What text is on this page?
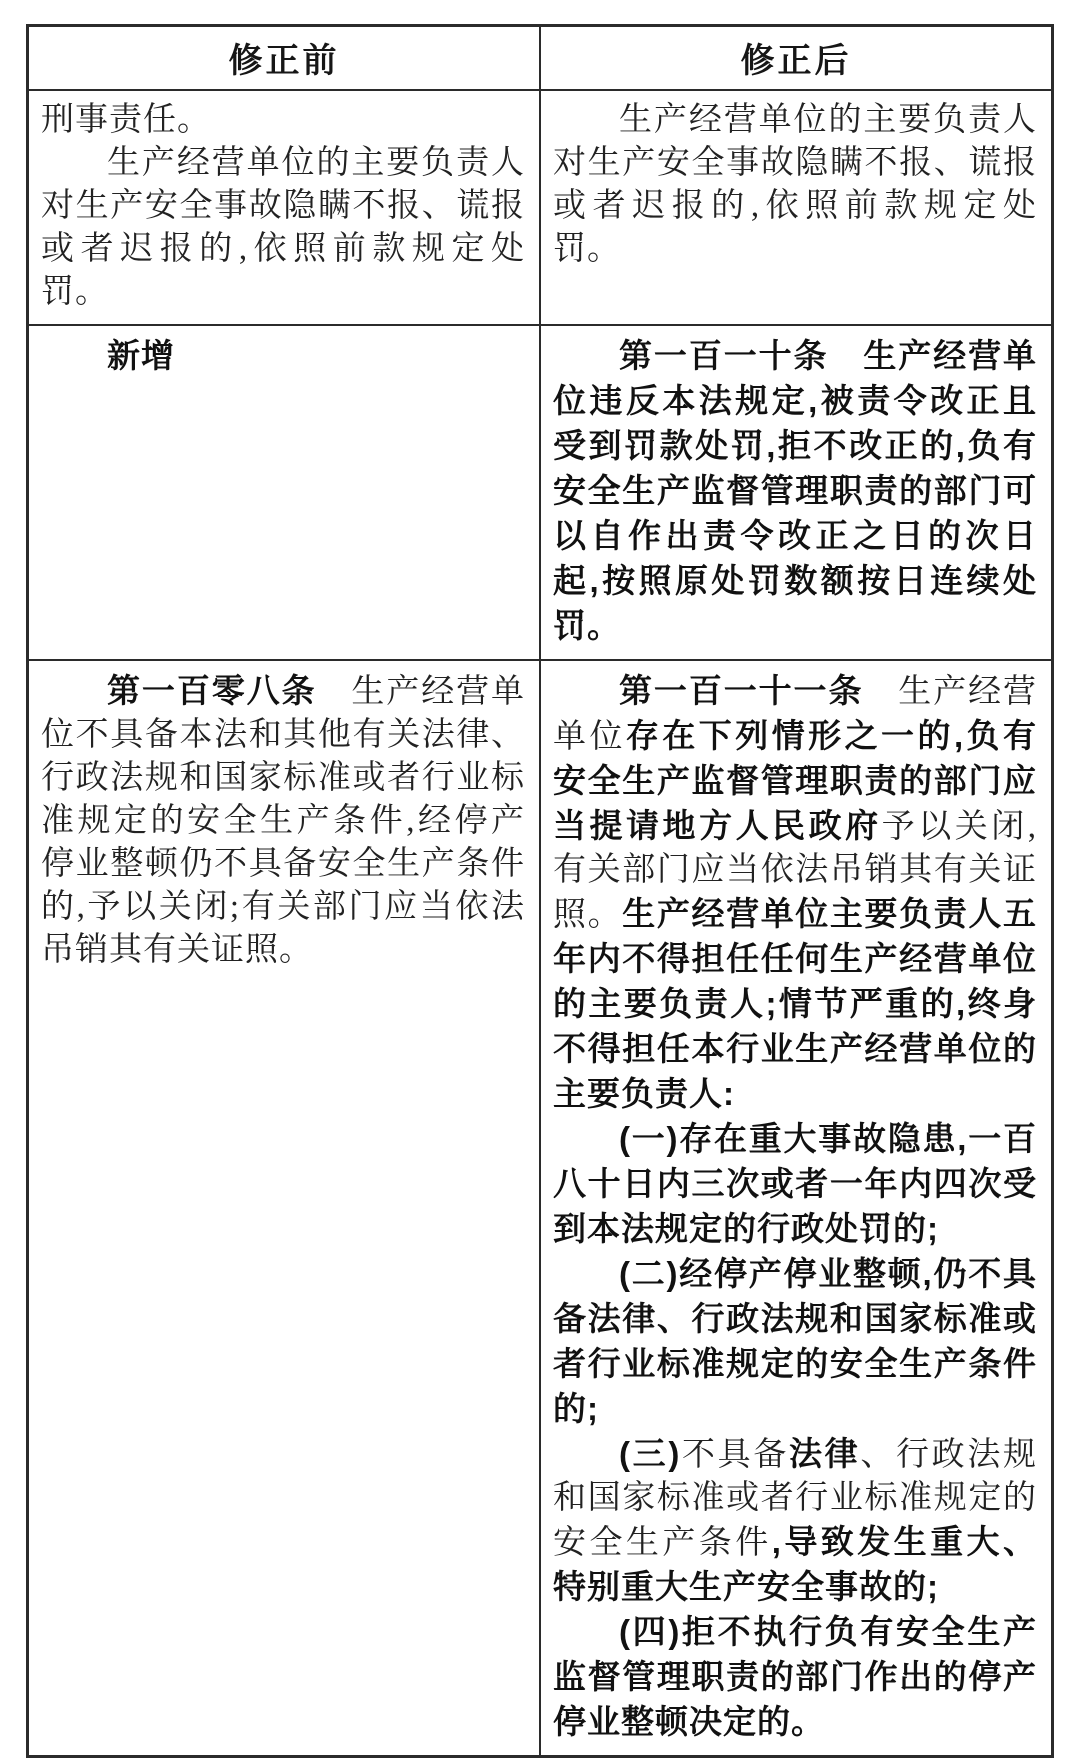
修正前	修正后

刑事责任。

生产经营单位的主要负责人对生产安全事故隐瞒不报、谎报或者迟报的,依照前款规定处罚。	生产经营单位的主要负责人对生产安全事故隐瞒不报、谎报或者迟报的,依照前款规定处罚。

新增	第一百一十条　 生产经营单位违反本法规定,被责令改正且受到罚款处罚,拒不改正的,负有安全生产监督管理职责的部门可以自作出责令改正之日的次日起,按照原处罚数额按日连续处罚。

第一百零八条　生产经营单位不具备本法和其他有关法律、行政法规和国家标准或者行业标准规定的安全生产条件,经停产停业整顿仍不具备安全生产条件的,予以关闭;有关部门应当依法吊销其有关证照。	第一百一十一条　生产经营单位存在下列情形之一的,负有安全生产监督管理职责的部门应当提请地方人民政府予以关闭,有关部门应当依法吊销其有关证照。生产经营单位主要负责人五年内不得担任任何生产经营单位的主要负责人;情节严重的,终身不得担任本行业生产经营单位的主要负责人:

(一)存在重大事故隐患,一百八十日内三次或者一年内四次受到本法规定的行政处罚的;

(二)经停产停业整顿,仍不具备法律、行政法规和国家标准或者行业标准规定的安全生产条件的;

(三)不具备法律、行政法规和国家标准或者行业标准规定的安全生产条件,导致发生重大、特别重大生产安全事故的;

(四)拒不执行负有安全生产监督管理职责的部门作出的停产停业整顿决定的。
